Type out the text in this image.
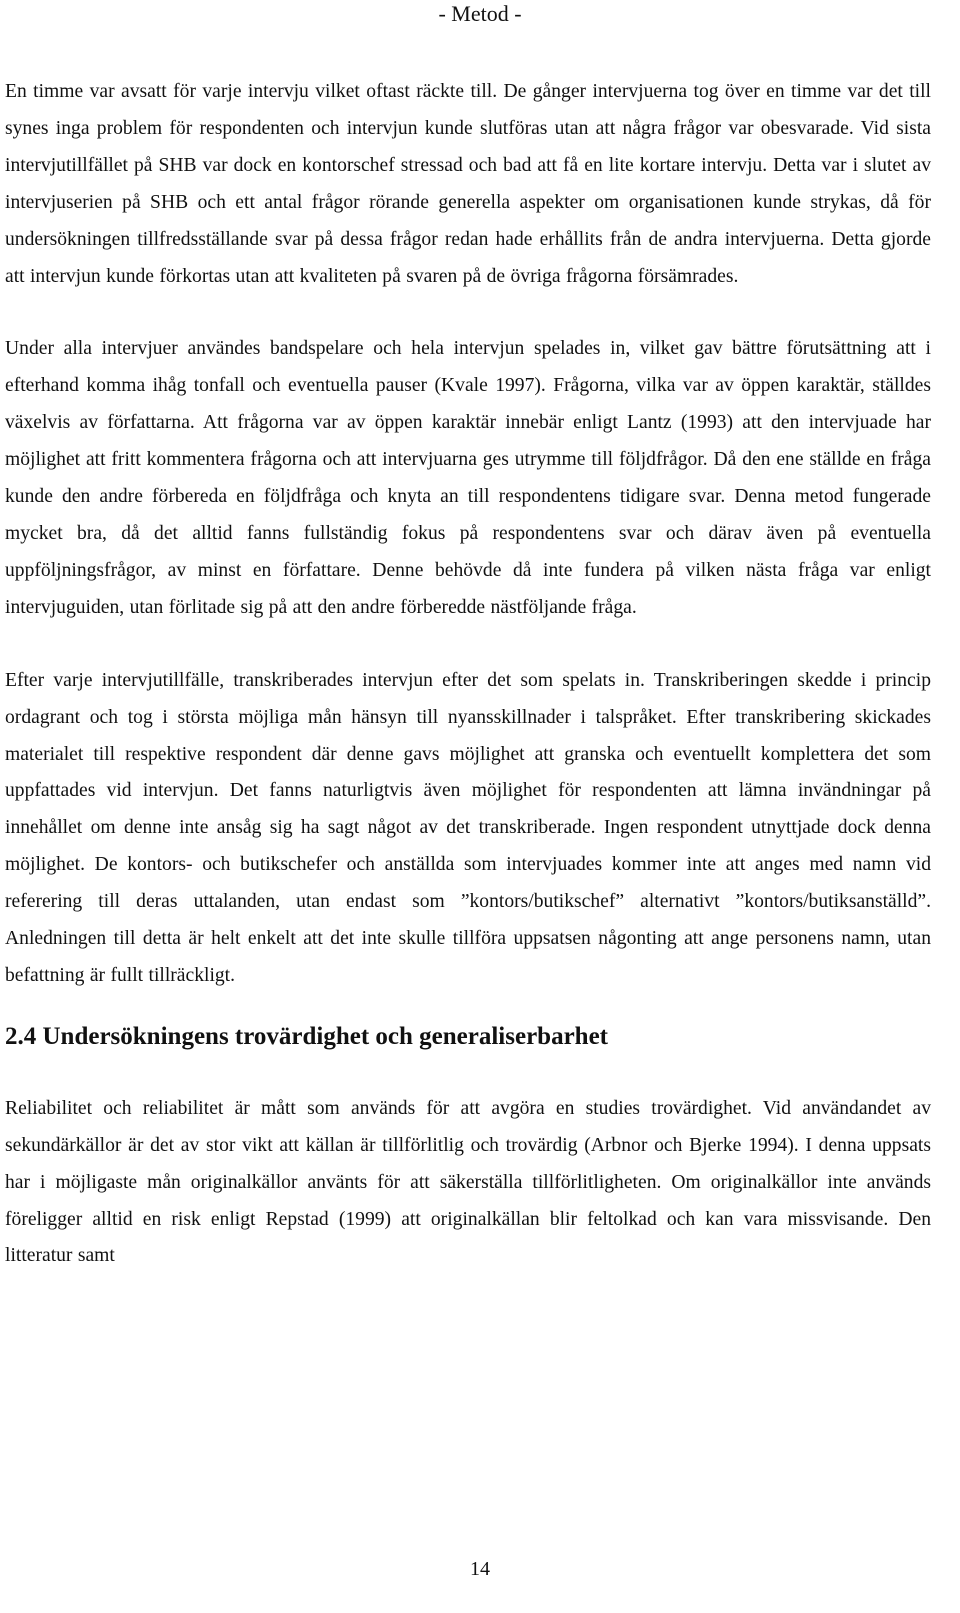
- Metod -

En timme var avsatt för varje intervju vilket oftast räckte till. De gånger intervjuerna tog över en timme var det till synes inga problem för respondenten och intervjun kunde slutföras utan att några frågor var obesvarade. Vid sista intervjutillfället på SHB var dock en kontorschef stressad och bad att få en lite kortare intervju. Detta var i slutet av intervjuserien på SHB och ett antal frågor rörande generella aspekter om organisationen kunde strykas, då för undersökningen tillfredsställande svar på dessa frågor redan hade erhållits från de andra intervjuerna. Detta gjorde att intervjun kunde förkortas utan att kvaliteten på svaren på de övriga frågorna försämrades.

Under alla intervjuer användes bandspelare och hela intervjun spelades in, vilket gav bättre förutsättning att i efterhand komma ihåg tonfall och eventuella pauser (Kvale 1997). Frågorna, vilka var av öppen karaktär, ställdes växelvis av författarna. Att frågorna var av öppen karaktär innebär enligt Lantz (1993) att den intervjuade har möjlighet att fritt kommentera frågorna och att intervjuarna ges utrymme till följdfrågor. Då den ene ställde en fråga kunde den andre förbereda en följdfråga och knyta an till respondentens tidigare svar. Denna metod fungerade mycket bra, då det alltid fanns fullständig fokus på respondentens svar och därav även på eventuella uppföljningsfrågor, av minst en författare. Denne behövde då inte fundera på vilken nästa fråga var enligt intervjuguiden, utan förlitade sig på att den andre förberedde nästföljande fråga.

Efter varje intervjutillfälle, transkriberades intervjun efter det som spelats in. Transkriberingen skedde i princip ordagrant och tog i största möjliga mån hänsyn till nyansskillnader i talspråket. Efter transkribering skickades materialet till respektive respondent där denne gavs möjlighet att granska och eventuellt komplettera det som uppfattades vid intervjun. Det fanns naturligtvis även möjlighet för respondenten att lämna invändningar på innehållet om denne inte ansåg sig ha sagt något av det transkriberade. Ingen respondent utnyttjade dock denna möjlighet. De kontors- och butikschefer och anställda som intervjuades kommer inte att anges med namn vid referering till deras uttalanden, utan endast som ”kontors/butikschef” alternativt ”kontors/butiksanställd”. Anledningen till detta är helt enkelt att det inte skulle tillföra uppsatsen någonting att ange personens namn, utan befattning är fullt tillräckligt.

2.4 Undersökningens trovärdighet och generaliserbarhet

Reliabilitet och reliabilitet är mått som används för att avgöra en studies trovärdighet. Vid användandet av sekundärkällor är det av stor vikt att källan är tillförlitlig och trovärdig (Arbnor och Bjerke 1994). I denna uppsats har i möjligaste mån originalkällor använts för att säkerställa tillförlitligheten. Om originalkällor inte används föreligger alltid en risk enligt Repstad (1999) att originalkällan blir feltolkad och kan vara missvisande. Den litteratur samt

14
